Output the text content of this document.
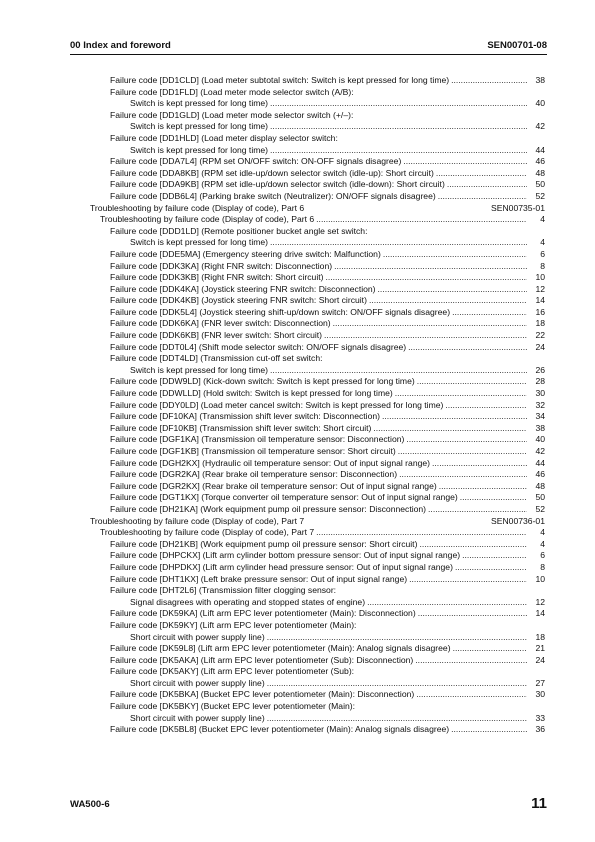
00 Index and foreword	SEN00701-08
Failure code [DD1CLD] (Load meter subtotal switch: Switch is kept pressed for long time) .....	38
Failure code [DD1FLD] (Load meter mode selector switch (A/B):
Switch is kept pressed for long time) .....	40
Failure code [DD1GLD] (Load meter mode selector switch (+/–):
Switch is kept pressed for long time) .....	42
Failure code [DD1HLD] (Load meter display selector switch:
Switch is kept pressed for long time) .....	44
Failure code [DDA7L4] (RPM set ON/OFF switch: ON-OFF signals disagree) .....	46
Failure code [DDA8KB] (RPM set idle-up/down selector switch (idle-up): Short circuit) .....	48
Failure code [DDA9KB] (RPM set idle-up/down selector switch (idle-down): Short circuit) .....	50
Failure code [DDB6L4] (Parking brake switch (Neutralizer): ON/OFF signals disagree) .....	52
Troubleshooting by failure code (Display of code), Part 6	SEN00735-01
Troubleshooting by failure code (Display of code), Part 6 .....	4
Failure code [DDD1LD] (Remote positioner bucket angle set switch:
Switch is kept pressed for long time) .....	4
Failure code [DDE5MA] (Emergency steering drive switch: Malfunction) .....	6
Failure code [DDK3KA] (Right FNR switch: Disconnection) .....	8
Failure code [DDK3KB] (Right FNR switch: Short circuit) .....	10
Failure code [DDK4KA] (Joystick steering FNR switch: Disconnection) .....	12
Failure code [DDK4KB] (Joystick steering FNR switch: Short circuit) .....	14
Failure code [DDK5L4] (Joystick steering shift-up/down switch: ON/OFF signals disagree) .....	16
Failure code [DDK6KA] (FNR lever switch: Disconnection) .....	18
Failure code [DDK6KB] (FNR lever switch: Short circuit) .....	22
Failure code [DDT0L4] (Shift mode selector switch: ON/OFF signals disagree) .....	24
Failure code [DDT4LD] (Transmission cut-off set switch:
Switch is kept pressed for long time) .....	26
Failure code [DDW9LD] (Kick-down switch: Switch is kept pressed for long time) .....	28
Failure code [DDWLLD] (Hold switch: Switch is kept pressed for long time) .....	30
Failure code [DDY0LD] (Load meter cancel switch: Switch is kept pressed for long time) .....	32
Failure code [DF10KA] (Transmission shift lever switch: Disconnection) .....	34
Failure code [DF10KB] (Transmission shift lever switch: Short circuit) .....	38
Failure code [DGF1KA] (Transmission oil temperature sensor: Disconnection) .....	40
Failure code [DGF1KB] (Transmission oil temperature sensor: Short circuit) .....	42
Failure code [DGH2KX] (Hydraulic oil temperature sensor: Out of input signal range) .....	44
Failure code [DGR2KA] (Rear brake oil temperature sensor: Disconnection) .....	46
Failure code [DGR2KX] (Rear brake oil temperature sensor: Out of input signal range) .....	48
Failure code [DGT1KX] (Torque converter oil temperature sensor: Out of input signal range) .....	50
Failure code [DH21KA] (Work equipment pump oil pressure sensor: Disconnection) .....	52
Troubleshooting by failure code (Display of code), Part 7	SEN00736-01
Troubleshooting by failure code (Display of code), Part 7 .....	4
Failure code [DH21KB] (Work equipment pump oil pressure sensor: Short circuit) .....	4
Failure code [DHPCKX] (Lift arm cylinder bottom pressure sensor: Out of input signal range) .....	6
Failure code [DHPDKX] (Lift arm cylinder head pressure sensor: Out of input signal range) .....	8
Failure code [DHT1KX] (Left brake pressure sensor: Out of input signal range) .....	10
Failure code [DHT2L6] (Transmission filter clogging sensor:
Signal disagrees with operating and stopped states of engine) .....	12
Failure code [DK59KA] (Lift arm EPC lever potentiometer (Main): Disconnection) .....	14
Failure code [DK59KY] (Lift arm EPC lever potentiometer (Main):
Short circuit with power supply line) .....	18
Failure code [DK59L8] (Lift arm EPC lever potentiometer (Main): Analog signals disagree) .....	21
Failure code [DK5AKA] (Lift arm EPC lever potentiometer (Sub): Disconnection) .....	24
Failure code [DK5AKY] (Lift arm EPC lever potentiometer (Sub):
Short circuit with power supply line) .....	27
Failure code [DK5BKA] (Bucket EPC lever potentiometer (Main): Disconnection) .....	30
Failure code [DK5BKY] (Bucket EPC lever potentiometer (Main):
Short circuit with power supply line) .....	33
Failure code [DK5BL8] (Bucket EPC lever potentiometer (Main): Analog signals disagree) .....	36
WA500-6	11
